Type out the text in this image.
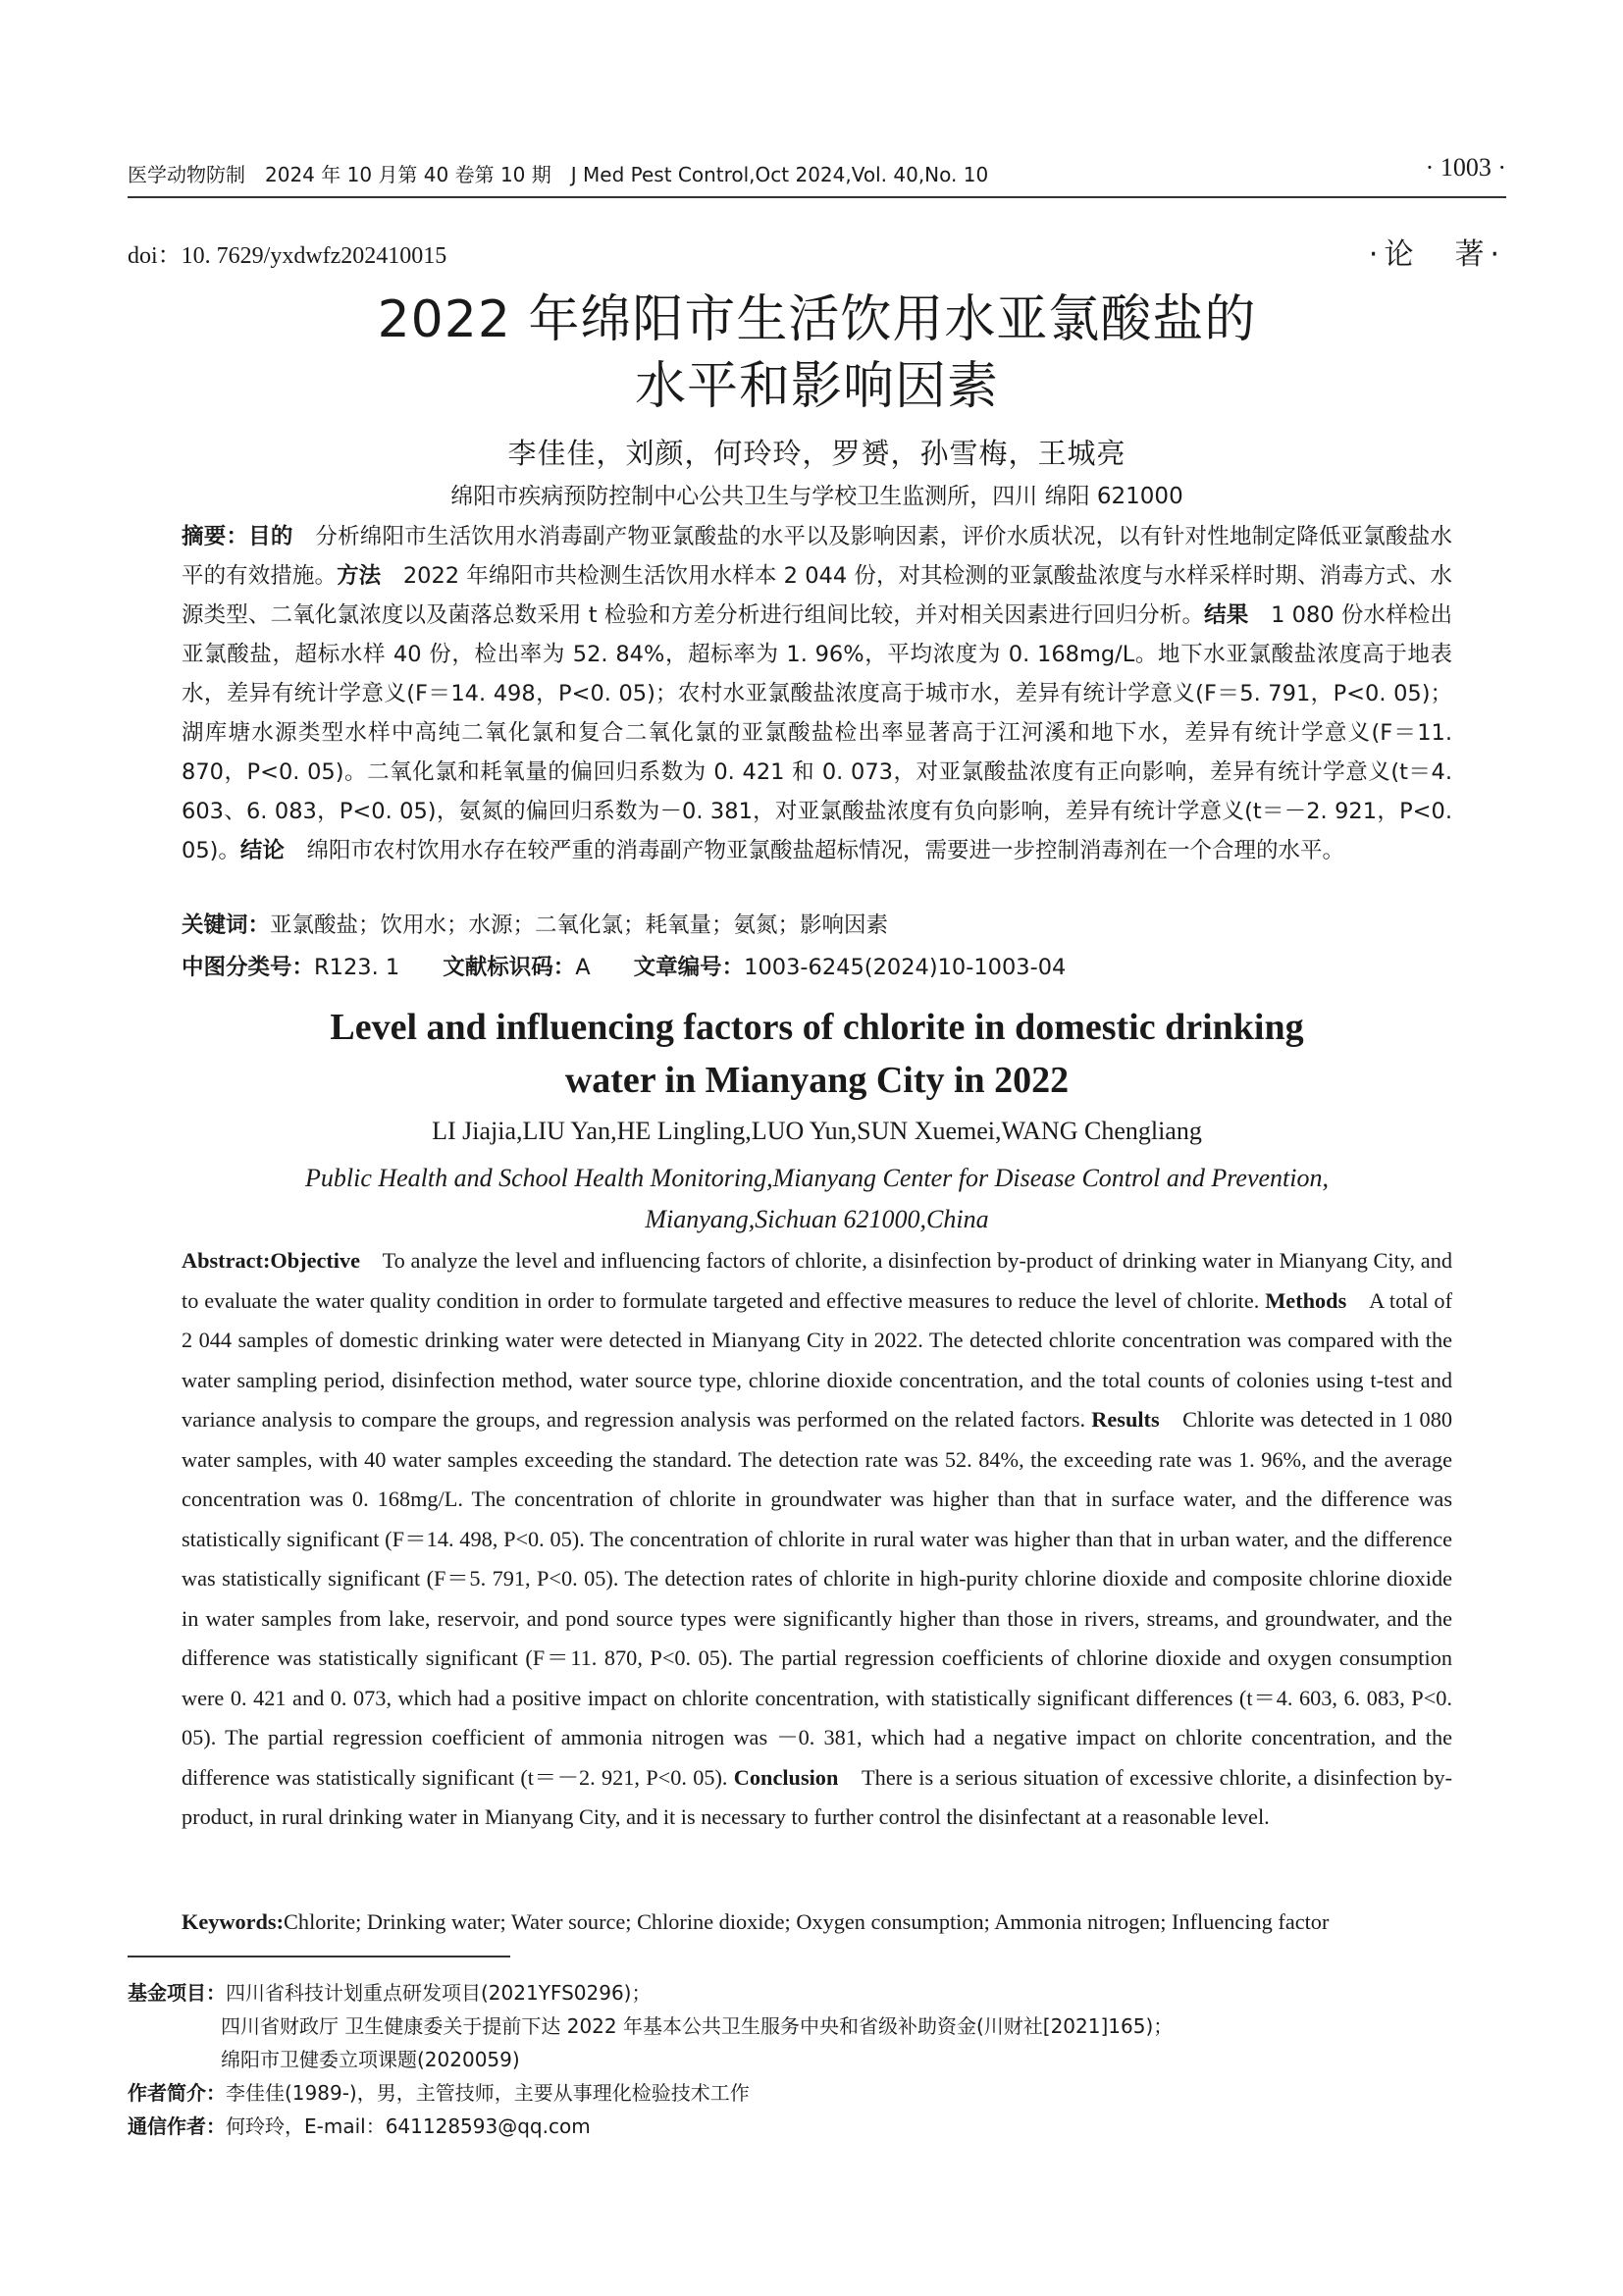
医学动物防制　2024 年 10 月第 40 卷第 10 期　J Med Pest Control,Oct 2024,Vol. 40,No. 10	· 1003 ·
doi：10. 7629/yxdwfz202410015	·论　著·
2022 年绵阳市生活饮用水亚氯酸盐的
水平和影响因素
李佳佳，刘颜，何玲玲，罗赟，孙雪梅，王城亮
绵阳市疾病预防控制中心公共卫生与学校卫生监测所，四川 绵阳 621000
摘要：目的　分析绵阳市生活饮用水消毒副产物亚氯酸盐的水平以及影响因素，评价水质状况，以有针对性地制定降低亚氯酸盐水平的有效措施。方法　2022 年绵阳市共检测生活饮用水样本 2 044 份，对其检测的亚氯酸盐浓度与水样采样时期、消毒方式、水源类型、二氧化氯浓度以及菌落总数采用 t 检验和方差分析进行组间比较，并对相关因素进行回归分析。结果　1 080 份水样检出亚氯酸盐，超标水样 40 份，检出率为 52. 84%，超标率为 1. 96%，平均浓度为 0. 168mg/L。地下水亚氯酸盐浓度高于地表水，差异有统计学意义(F＝14. 498，P<0. 05)；农村水亚氯酸盐浓度高于城市水，差异有统计学意义(F＝5. 791，P<0. 05)；湖库塘水源类型水样中高纯二氧化氯和复合二氧化氯的亚氯酸盐检出率显著高于江河溪和地下水，差异有统计学意义(F＝11. 870，P<0. 05)。二氧化氯和耗氧量的偏回归系数为 0. 421 和 0. 073，对亚氯酸盐浓度有正向影响，差异有统计学意义(t＝4. 603、6. 083，P<0. 05)，氨氮的偏回归系数为－0. 381，对亚氯酸盐浓度有负向影响，差异有统计学意义(t＝－2. 921，P<0. 05)。结论　绵阳市农村饮用水存在较严重的消毒副产物亚氯酸盐超标情况，需要进一步控制消毒剂在一个合理的水平。
关键词：亚氯酸盐；饮用水；水源；二氧化氯；耗氧量；氨氮；影响因素
中图分类号：R123. 1 文献标识码：A 文章编号：1003-6245(2024)10-1003-04
Level and influencing factors of chlorite in domestic drinking
water in Mianyang City in 2022
LI Jiajia,LIU Yan,HE Lingling,LUO Yun,SUN Xuemei,WANG Chengliang
Public Health and School Health Monitoring,Mianyang Center for Disease Control and Prevention,
Mianyang,Sichuan 621000,China
Abstract:Objective　To analyze the level and influencing factors of chlorite, a disinfection by-product of drinking water in Mianyang City, and to evaluate the water quality condition in order to formulate targeted and effective measures to reduce the level of chlorite. Methods　A total of 2 044 samples of domestic drinking water were detected in Mianyang City in 2022. The detected chlorite concentration was compared with the water sampling period, disinfection method, water source type, chlorine dioxide concentration, and the total counts of colonies using t-test and variance analysis to compare the groups, and regression analysis was performed on the related factors. Results　Chlorite was detected in 1 080 water samples, with 40 water samples exceeding the standard. The detection rate was 52. 84%, the exceeding rate was 1. 96%, and the average concentration was 0. 168mg/L. The concentration of chlorite in groundwater was higher than that in surface water, and the difference was statistically significant (F＝14. 498, P<0. 05). The concentration of chlorite in rural water was higher than that in urban water, and the difference was statistically significant (F＝5. 791, P<0. 05). The detection rates of chlorite in high-purity chlorine dioxide and composite chlorine dioxide in water samples from lake, reservoir, and pond source types were significantly higher than those in rivers, streams, and groundwater, and the difference was statistically significant (F＝11. 870, P<0. 05). The partial regression coefficients of chlorine dioxide and oxygen consumption were 0. 421 and 0. 073, which had a positive impact on chlorite concentration, with statistically significant differences (t＝4. 603, 6. 083, P<0. 05). The partial regression coefficient of ammonia nitrogen was －0. 381, which had a negative impact on chlorite concentration, and the difference was statistically significant (t＝－2. 921, P<0. 05). Conclusion　There is a serious situation of excessive chlorite, a disinfection by-product, in rural drinking water in Mianyang City, and it is necessary to further control the disinfectant at a reasonable level.
Keywords:Chlorite; Drinking water; Water source; Chlorine dioxide; Oxygen consumption; Ammonia nitrogen; Influencing factor
基金项目：四川省科技计划重点研发项目(2021YFS0296)；
四川省财政厅 卫生健康委关于提前下达 2022 年基本公共卫生服务中央和省级补助资金(川财社[2021]165)；
绵阳市卫健委立项课题(2020059)
作者简介：李佳佳(1989-)，男，主管技师，主要从事理化检验技术工作
通信作者：何玲玲，E-mail：641128593@qq.com
